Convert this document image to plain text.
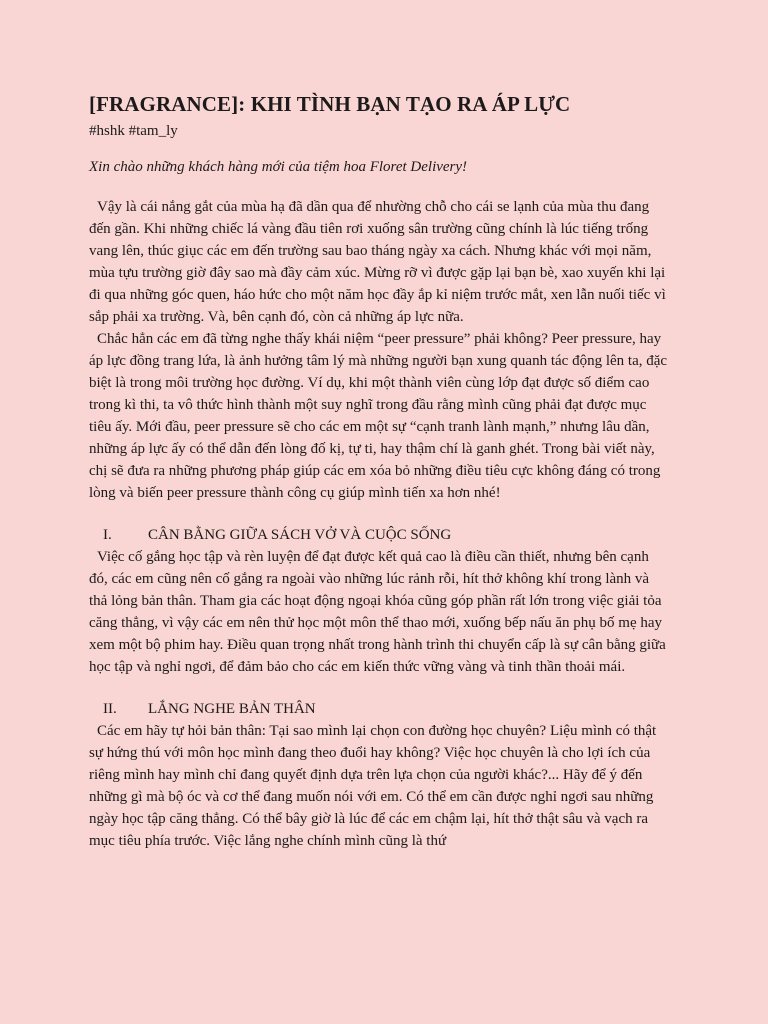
[FRAGRANCE]: KHI TÌNH BẠN TẠO RA ÁP LỰC

#hshk #tam_ly

Xin chào những khách hàng mới của tiệm hoa Floret Delivery!

Vậy là cái nắng gắt của mùa hạ đã dần qua để nhường chỗ cho cái se lạnh của mùa thu đang đến gần. Khi những chiếc lá vàng đầu tiên rơi xuống sân trường cũng chính là lúc tiếng trống vang lên, thúc giục các em đến trường sau bao tháng ngày xa cách. Nhưng khác với mọi năm, mùa tựu trường giờ đây sao mà đầy cảm xúc. Mừng rỡ vì được gặp lại bạn bè, xao xuyến khi lại đi qua những góc quen, háo hức cho một năm học đầy ắp kỉ niệm trước mắt, xen lẫn nuối tiếc vì sắp phải xa trường. Và, bên cạnh đó, còn cả những áp lực nữa.

Chắc hẳn các em đã từng nghe thấy khái niệm “peer pressure” phải không? Peer pressure, hay áp lực đồng trang lứa, là ảnh hưởng tâm lý mà những người bạn xung quanh tác động lên ta, đặc biệt là trong môi trường học đường. Ví dụ, khi một thành viên cùng lớp đạt được số điểm cao trong kì thi, ta vô thức hình thành một suy nghĩ trong đầu rằng mình cũng phải đạt được mục tiêu ấy. Mới đầu, peer pressure sẽ cho các em một sự “cạnh tranh lành mạnh,” nhưng lâu dần, những áp lực ấy có thể dẫn đến lòng đố kị, tự ti, hay thậm chí là ganh ghét. Trong bài viết này, chị sẽ đưa ra những phương pháp giúp các em xóa bỏ những điều tiêu cực không đáng có trong lòng và biến peer pressure thành công cụ giúp mình tiến xa hơn nhé!

I.	CÂN BẰNG GIỮA SÁCH VỞ VÀ CUỘC SỐNG

Việc cố gắng học tập và rèn luyện để đạt được kết quả cao là điều cần thiết, nhưng bên cạnh đó, các em cũng nên cố gắng ra ngoài vào những lúc rảnh rỗi, hít thở không khí trong lành và thả lỏng bản thân. Tham gia các hoạt động ngoại khóa cũng góp phần rất lớn trong việc giải tỏa căng thẳng, vì vậy các em nên thử học một môn thể thao mới, xuống bếp nấu ăn phụ bố mẹ hay xem một bộ phim hay. Điều quan trọng nhất trong hành trình thi chuyển cấp là sự cân bằng giữa học tập và nghỉ ngơi, để đảm bảo cho các em kiến thức vững vàng và tinh thần thoải mái.

II.	LẮNG NGHE BẢN THÂN

Các em hãy tự hỏi bản thân: Tại sao mình lại chọn con đường học chuyên? Liệu mình có thật sự hứng thú với môn học mình đang theo đuổi hay không? Việc học chuyên là cho lợi ích của riêng mình hay mình chỉ đang quyết định dựa trên lựa chọn của người khác?... Hãy để ý đến những gì mà bộ óc và cơ thể đang muốn nói với em. Có thể em cần được nghỉ ngơi sau những ngày học tập căng thẳng. Có thể bây giờ là lúc để các em chậm lại, hít thở thật sâu và vạch ra mục tiêu phía trước. Việc lắng nghe chính mình cũng là thứ
